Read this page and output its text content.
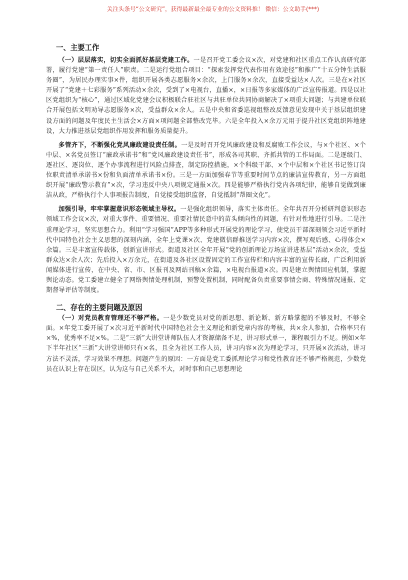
关注头条号“公文研究”，获得最新最全最专业的公文资料推！ 微信：公文助手(***)
一、主要工作

（一）层层落实，切实全面抓好基层党建工作。一是召开党工委会议×次，对党建和社区重点工作认真研究部署，履行党建“第一责任人”职责。二是运行党组合项目：“探索发挥党代表作用有效途径”和推广“十五分钟生活服务圈”，为居民办理实事×件，组织开展各类志愿服务×余次，上门服务×余次，直接受益达×人次。三是在×社区开展了“党建＋七彩服务”系列活动×余次，受到了×电视台，直播×，×日报等多家媒体的广泛宣传报道。四是以社区党组织为“核心”，通过区域化党建会议积极联合驻社区与共驻单位共同协商解决了×项重大问题；与共建单位联合开展包括文明劝导志愿服务×次，受益群众×余人。五是中央和省委巡视组整改反馈意见发现中关于基层组织建设方面的问题及年度民主生活会×方面×项问题全部整改完毕。六是全年投入×余万元用于提升社区党组织阵地建设，大力推进基层党组织作用发挥和服务质量提升。

多管齐下，不断强化党风廉政建设责任制。一是及时召开党风廉政建设和反腐败工作会议，与×个社区、×个中层、×名党员签订“廉政承诺书”和“党风廉政建设责任书”，形成各司其职、齐抓共管的工作局面。二是逐级门、逐社区、逐岗位、逐个办事流程进行风险点排查，制定防控措施，×个科级干部、×个中层和×个社区书记签订岗位职责清单承诺书×份和负面清单承诺书×份。三是一方面加强春节等重要时间节点的廉洁宣传教育，另一方面组织开展“廉政警示教育”×次，学习违反中央八项规定通报×次。四是能够严格执行党内各项纪律，能够自觉做到廉洁从政，严格执行个人事项报告制度，自觉接受组织监督，自觉抵制“帮圈文化”。

加强引导，牢牢掌握意识形态领域主导权。一是强化组织领导，落实主体责任。全年共召开分析研判意识形态领域工作会议×次，对重大事件、重要情况、重要社情民意中的苗头倾向性的问题，有针对性地进行引导。二是注重理论学习，坚实思想合力。利用“学习强国”APP等多种形式开展党的理论学习，使党员干部深刻领会习近平新时代中国特色社会主义思想的深刻内涵，全年上党课×次、党建微信群推送学习内容×次，撰写观后感、心得体会×余篇。三是丰富宣传载体，创新宣讲形式。街道及社区全年开展“党的创新理论万场宣讲进基层”活动×余次，受益群众达×余人次；先后投入×万余元，在街道及各社区设置固定的工作宣传栏和内容丰富的宣传长廊，广泛利用新闻媒体进行宣传，在中央、省、市、区报刊及网站刊稿×余篇，×电视台报道×次。四是建立舆情回应机制，掌握舆论动态。党工委建立健全了网络舆情处理机制，预警处置机制，同时配备负责重要事情会商、特殊情况通报、定期督导评估等制度。

二、存在的主要问题及原因

（一）对党员教育管理还不够严格。一是少数党员对党的新思想、新论断、新方略掌握的不够及时，不够全面。×年党工委开展了×次习近平新时代中国特色社会主义理论和新党章内容的考核，共×余人参加，合格率只有×%，优秀率不足×%。二是“三新”大讲堂讲师队伍人才资源储备不足，讲习形式单一，课程吸引力不足。例如×年下半年社区“三新”大讲堂讲师只有×名，且全为社区工作人员，讲习内容×次为理论学习，只开展×次活动，讲习方法不灵活，学习效果不理想。问题产生的原因：一方面是党工委抓理论学习和党性教育还不够严格规范，少数党员在认识上存在误区，认为这与自己关系不大，对时事和自己思想理论
